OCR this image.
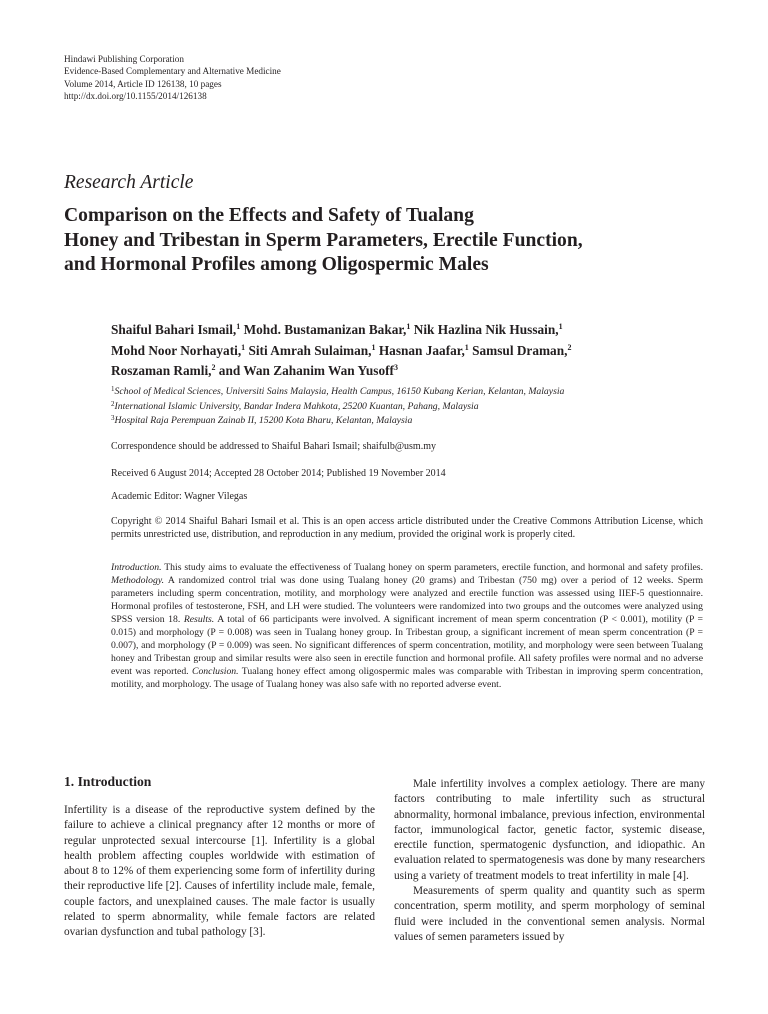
Hindawi Publishing Corporation
Evidence-Based Complementary and Alternative Medicine
Volume 2014, Article ID 126138, 10 pages
http://dx.doi.org/10.1155/2014/126138
Research Article
Comparison on the Effects and Safety of Tualang
Honey and Tribestan in Sperm Parameters, Erectile Function,
and Hormonal Profiles among Oligospermic Males
Shaiful Bahari Ismail,$^1$ Mohd. Bustamanizan Bakar,$^1$ Nik Hazlina Nik Hussain,$^1$
Mohd Noor Norhayati,$^1$ Siti Amrah Sulaiman,$^1$ Hasnan Jaafar,$^1$ Samsul Draman,$^2$
Roszaman Ramli,$^2$ and Wan Zahanim Wan Yusoff$^3$
$^1$School of Medical Sciences, Universiti Sains Malaysia, Health Campus, 16150 Kubang Kerian, Kelantan, Malaysia
$^2$International Islamic University, Bandar Indera Mahkota, 25200 Kuantan, Pahang, Malaysia
$^3$Hospital Raja Perempuan Zainab II, 15200 Kota Bharu, Kelantan, Malaysia
Correspondence should be addressed to Shaiful Bahari Ismail; shaifulb@usm.my
Received 6 August 2014; Accepted 28 October 2014; Published 19 November 2014
Academic Editor: Wagner Vilegas
Copyright © 2014 Shaiful Bahari Ismail et al. This is an open access article distributed under the Creative Commons Attribution License, which permits unrestricted use, distribution, and reproduction in any medium, provided the original work is properly cited.
Introduction. This study aims to evaluate the effectiveness of Tualang honey on sperm parameters, erectile function, and hormonal and safety profiles. Methodology. A randomized control trial was done using Tualang honey (20 grams) and Tribestan (750 mg) over a period of 12 weeks. Sperm parameters including sperm concentration, motility, and morphology were analyzed and erectile function was assessed using IIEF-5 questionnaire. Hormonal profiles of testosterone, FSH, and LH were studied. The volunteers were randomized into two groups and the outcomes were analyzed using SPSS version 18. Results. A total of 66 participants were involved. A significant increment of mean sperm concentration (P < 0.001), motility (P = 0.015) and morphology (P = 0.008) was seen in Tualang honey group. In Tribestan group, a significant increment of mean sperm concentration (P = 0.007), and morphology (P = 0.009) was seen. No significant differences of sperm concentration, motility, and morphology were seen between Tualang honey and Tribestan group and similar results were also seen in erectile function and hormonal profile. All safety profiles were normal and no adverse event was reported. Conclusion. Tualang honey effect among oligospermic males was comparable with Tribestan in improving sperm concentration, motility, and morphology. The usage of Tualang honey was also safe with no reported adverse event.
1. Introduction

Infertility is a disease of the reproductive system defined by the failure to achieve a clinical pregnancy after 12 months or more of regular unprotected sexual intercourse [1]. Infertility is a global health problem affecting couples worldwide with estimation of about 8 to 12% of them experiencing some form of infertility during their reproductive life [2]. Causes of infertility include male, female, couple factors, and unexplained causes. The male factor is usually related to sperm abnormality, while female factors are related ovarian dysfunction and tubal pathology [3].

Male infertility involves a complex aetiology. There are many factors contributing to male infertility such as structural abnormality, hormonal imbalance, previous infection, environmental factor, immunological factor, genetic factor, systemic disease, erectile function, spermatogenic dysfunction, and idiopathic. An evaluation related to spermatogenesis was done by many researchers using a variety of treatment models to treat infertility in male [4].

Measurements of sperm quality and quantity such as sperm concentration, sperm motility, and sperm morphology of seminal fluid were included in the conventional semen analysis. Normal values of semen parameters issued by
